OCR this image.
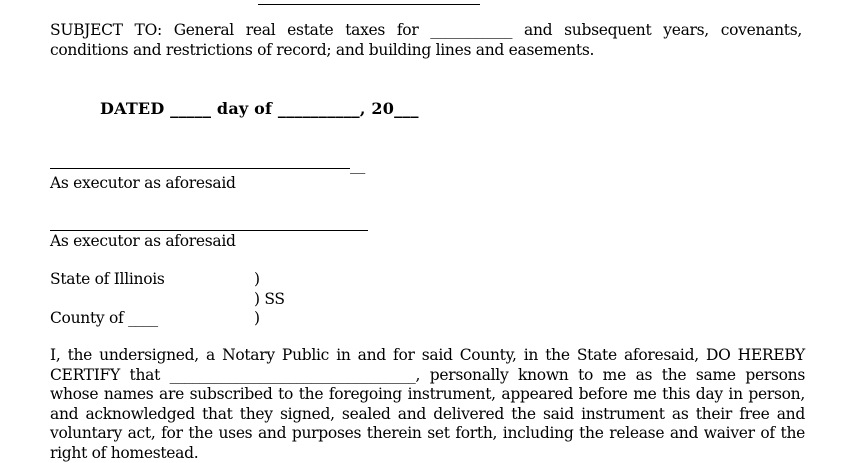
SUBJECT TO: General real estate taxes for ___________ and subsequent years, covenants, conditions and restrictions of record; and building lines and easements.
DATED _____ day of __________, 20___
__
As executor as aforesaid
As executor as aforesaid
State of Illinois
County of ____
)
) SS
)
I, the undersigned, a Notary Public in and for said County, in the State aforesaid, DO HEREBY CERTIFY that _________________________________, personally known to me as the same persons whose names are subscribed to the foregoing instrument, appeared before me this day in person, and acknowledged that they signed, sealed and delivered the said instrument as their free and voluntary act, for the uses and purposes therein set forth, including the release and waiver of the right of homestead.
